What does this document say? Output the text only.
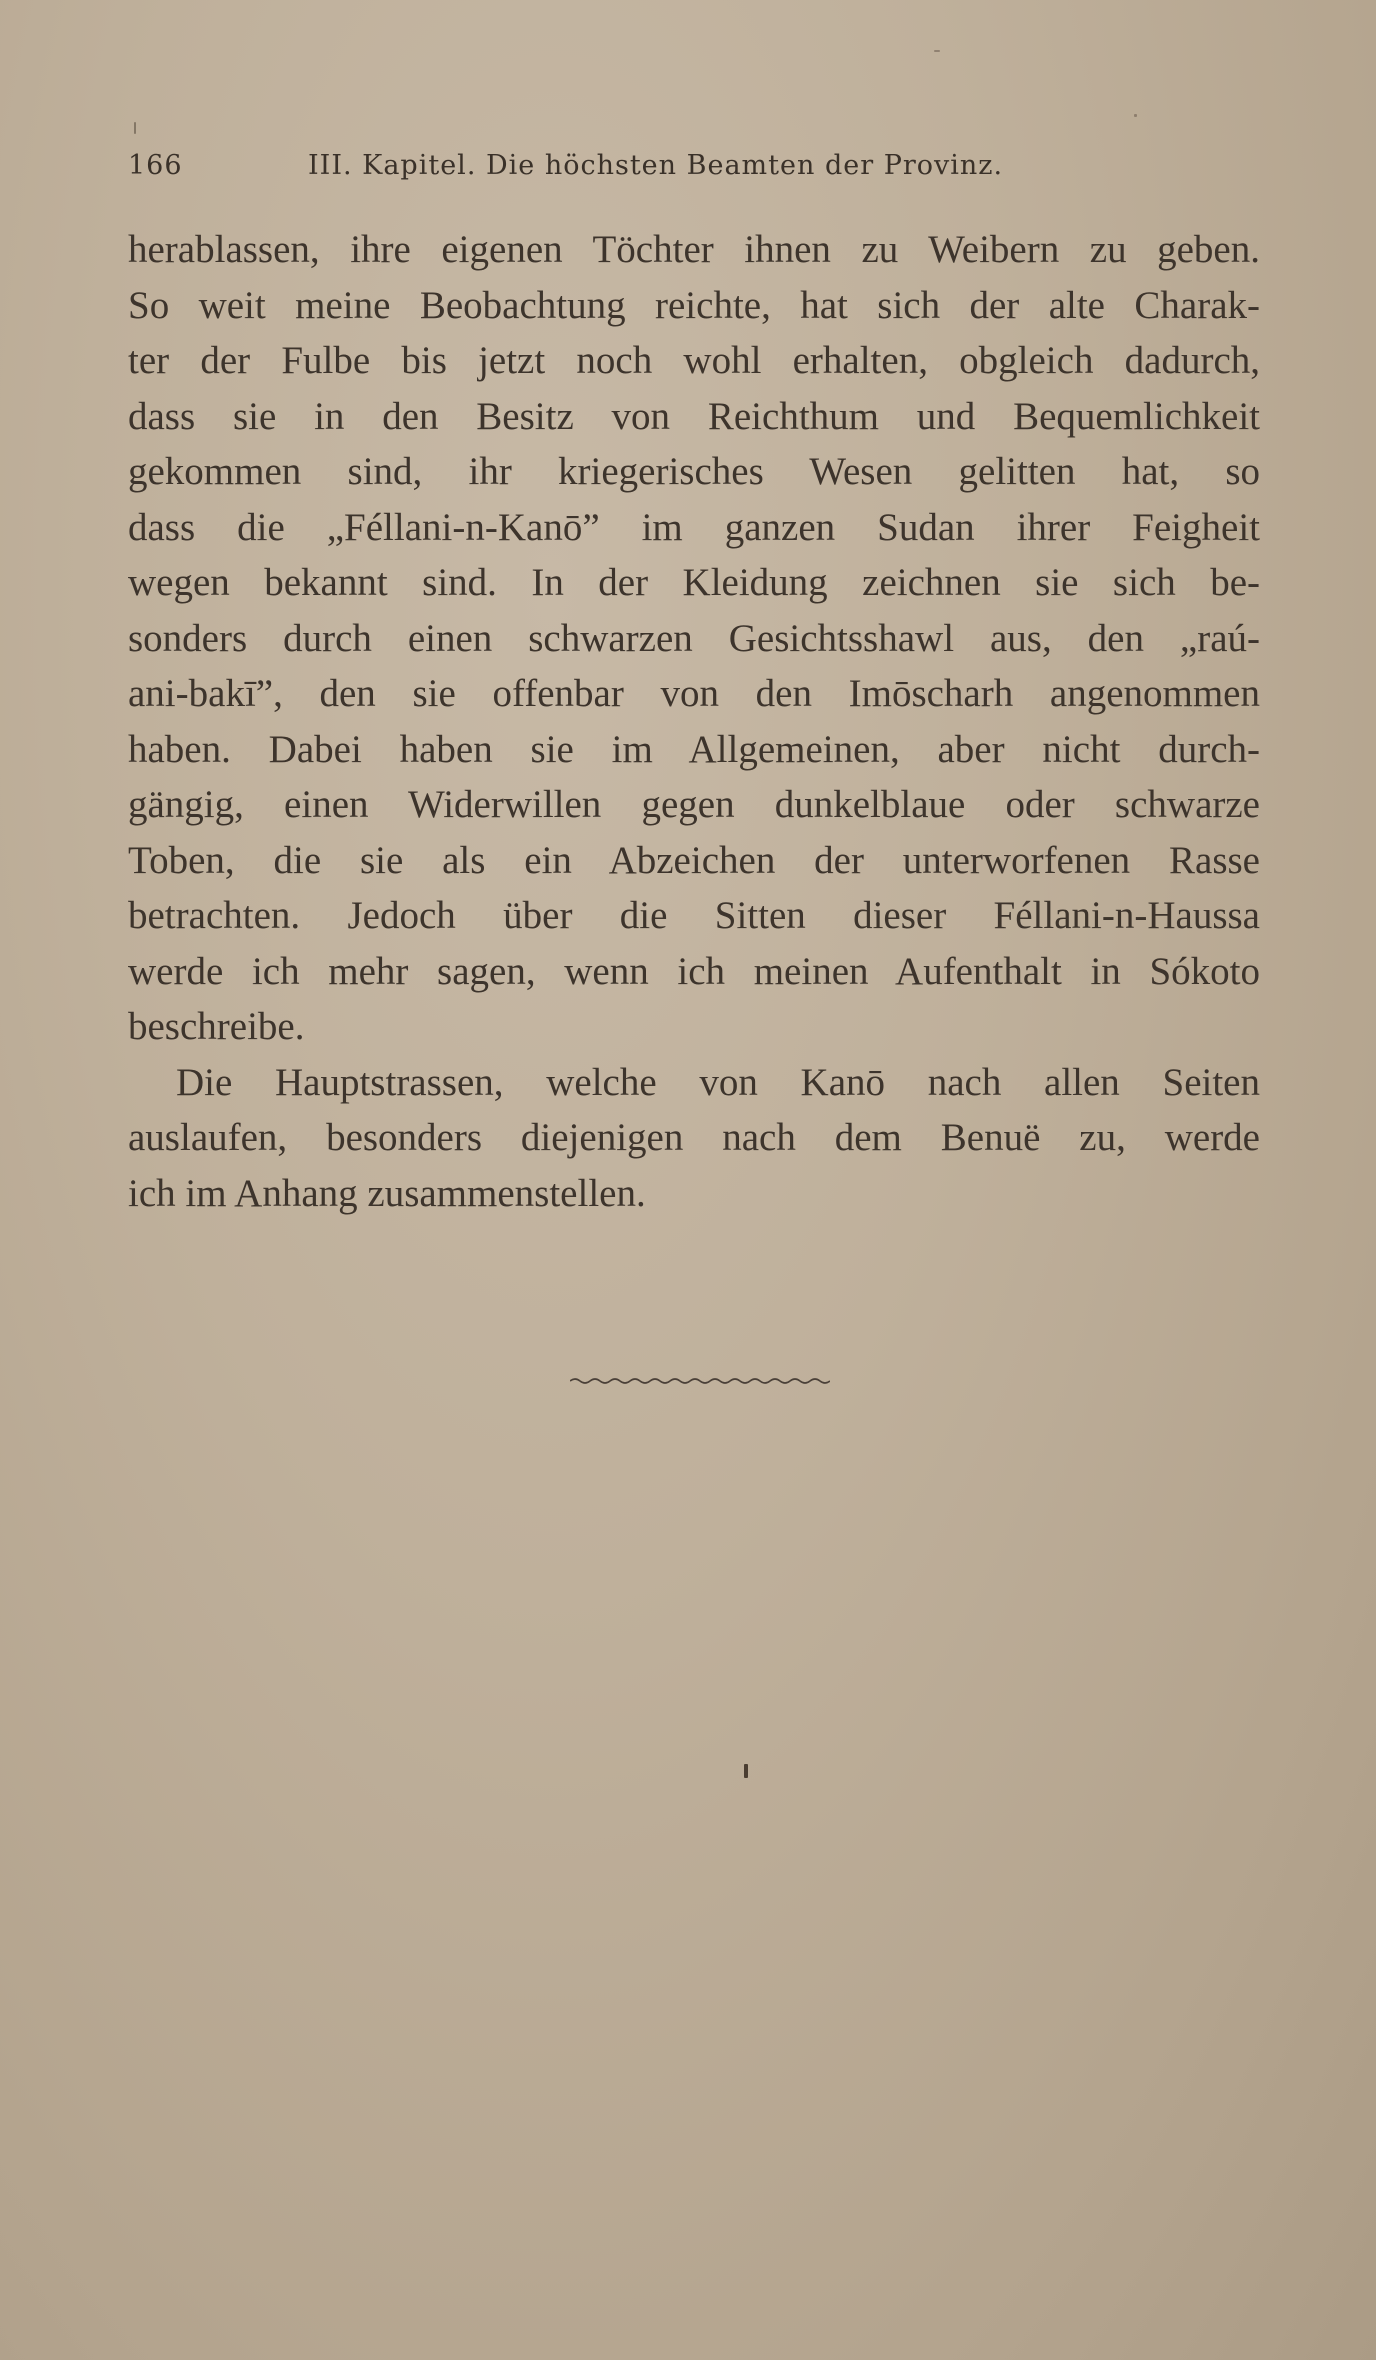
166	III. Kapitel. Die höchsten Beamten der Provinz.
herablassen, ihre eigenen Töchter ihnen zu Weibern zu geben.
So weit meine Beobachtung reichte, hat sich der alte Charak-
ter der Fulbe bis jetzt noch wohl erhalten, obgleich dadurch,
dass sie in den Besitz von Reichthum und Bequemlichkeit
gekommen sind, ihr kriegerisches Wesen gelitten hat, so
dass die „Féllani-n-Kanō” im ganzen Sudan ihrer Feigheit
wegen bekannt sind. In der Kleidung zeichnen sie sich be-
sonders durch einen schwarzen Gesichtsshawl aus, den „raú-
ani-bakī”, den sie offenbar von den Imōscharh angenommen
haben. Dabei haben sie im Allgemeinen, aber nicht durch-
gängig, einen Widerwillen gegen dunkelblaue oder schwarze
Toben, die sie als ein Abzeichen der unterworfenen Rasse
betrachten. Jedoch über die Sitten dieser Féllani-n-Haussa
werde ich mehr sagen, wenn ich meinen Aufenthalt in Sókoto
beschreibe.
Die Hauptstrassen, welche von Kanō nach allen Seiten
auslaufen, besonders diejenigen nach dem Benuë zu, werde
ich im Anhang zusammenstellen.
